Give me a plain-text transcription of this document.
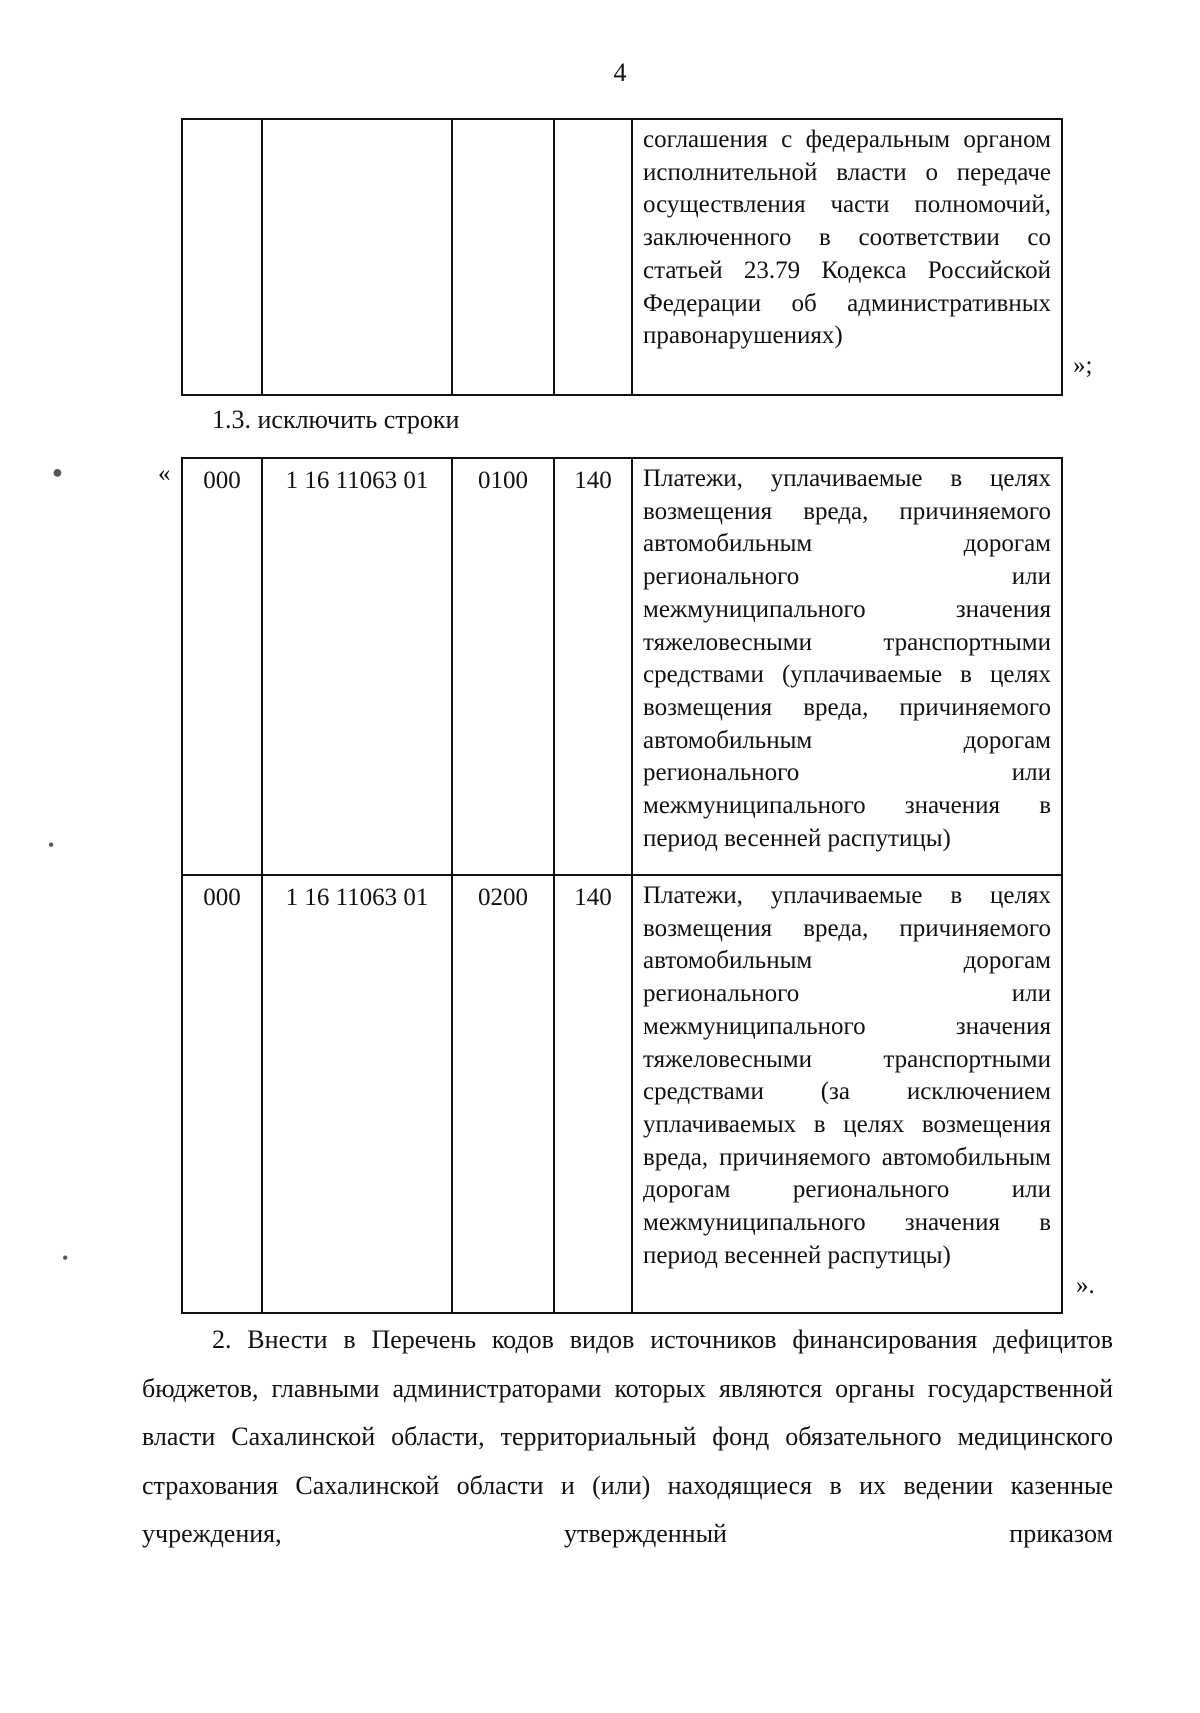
4
				соглашения с федеральным органом исполнительной власти о передаче осуществления части полномочий, заключенного в соответствии со статьей 23.79 Кодекса Российской Федерации об административных правонарушениях)
»;
1.3. исключить строки
« 000	1 16 11063 01	0100	140	Платежи, уплачиваемые в целях возмещения вреда, причиняемого автомобильным дорогам регионального или межмуниципального значения тяжеловесными транспортными средствами (уплачиваемые в целях возмещения вреда, причиняемого автомобильным дорогам регионального или межмуниципального значения в период весенней распутицы)
000	1 16 11063 01	0200	140	Платежи, уплачиваемые в целях возмещения вреда, причиняемого автомобильным дорогам регионального или межмуниципального значения тяжеловесными транспортными средствами (за исключением уплачиваемых в целях возмещения вреда, причиняемого автомобильным дорогам регионального или межмуниципального значения в период весенней распутицы)
».

2. Внести в Перечень кодов видов источников финансирования дефицитов бюджетов, главными администраторами которых являются органы государственной власти Сахалинской области, территориальный фонд обязательного медицинского страхования Сахалинской области и (или) находящиеся в их ведении казенные учреждения, утвержденный приказом

●
•
•
